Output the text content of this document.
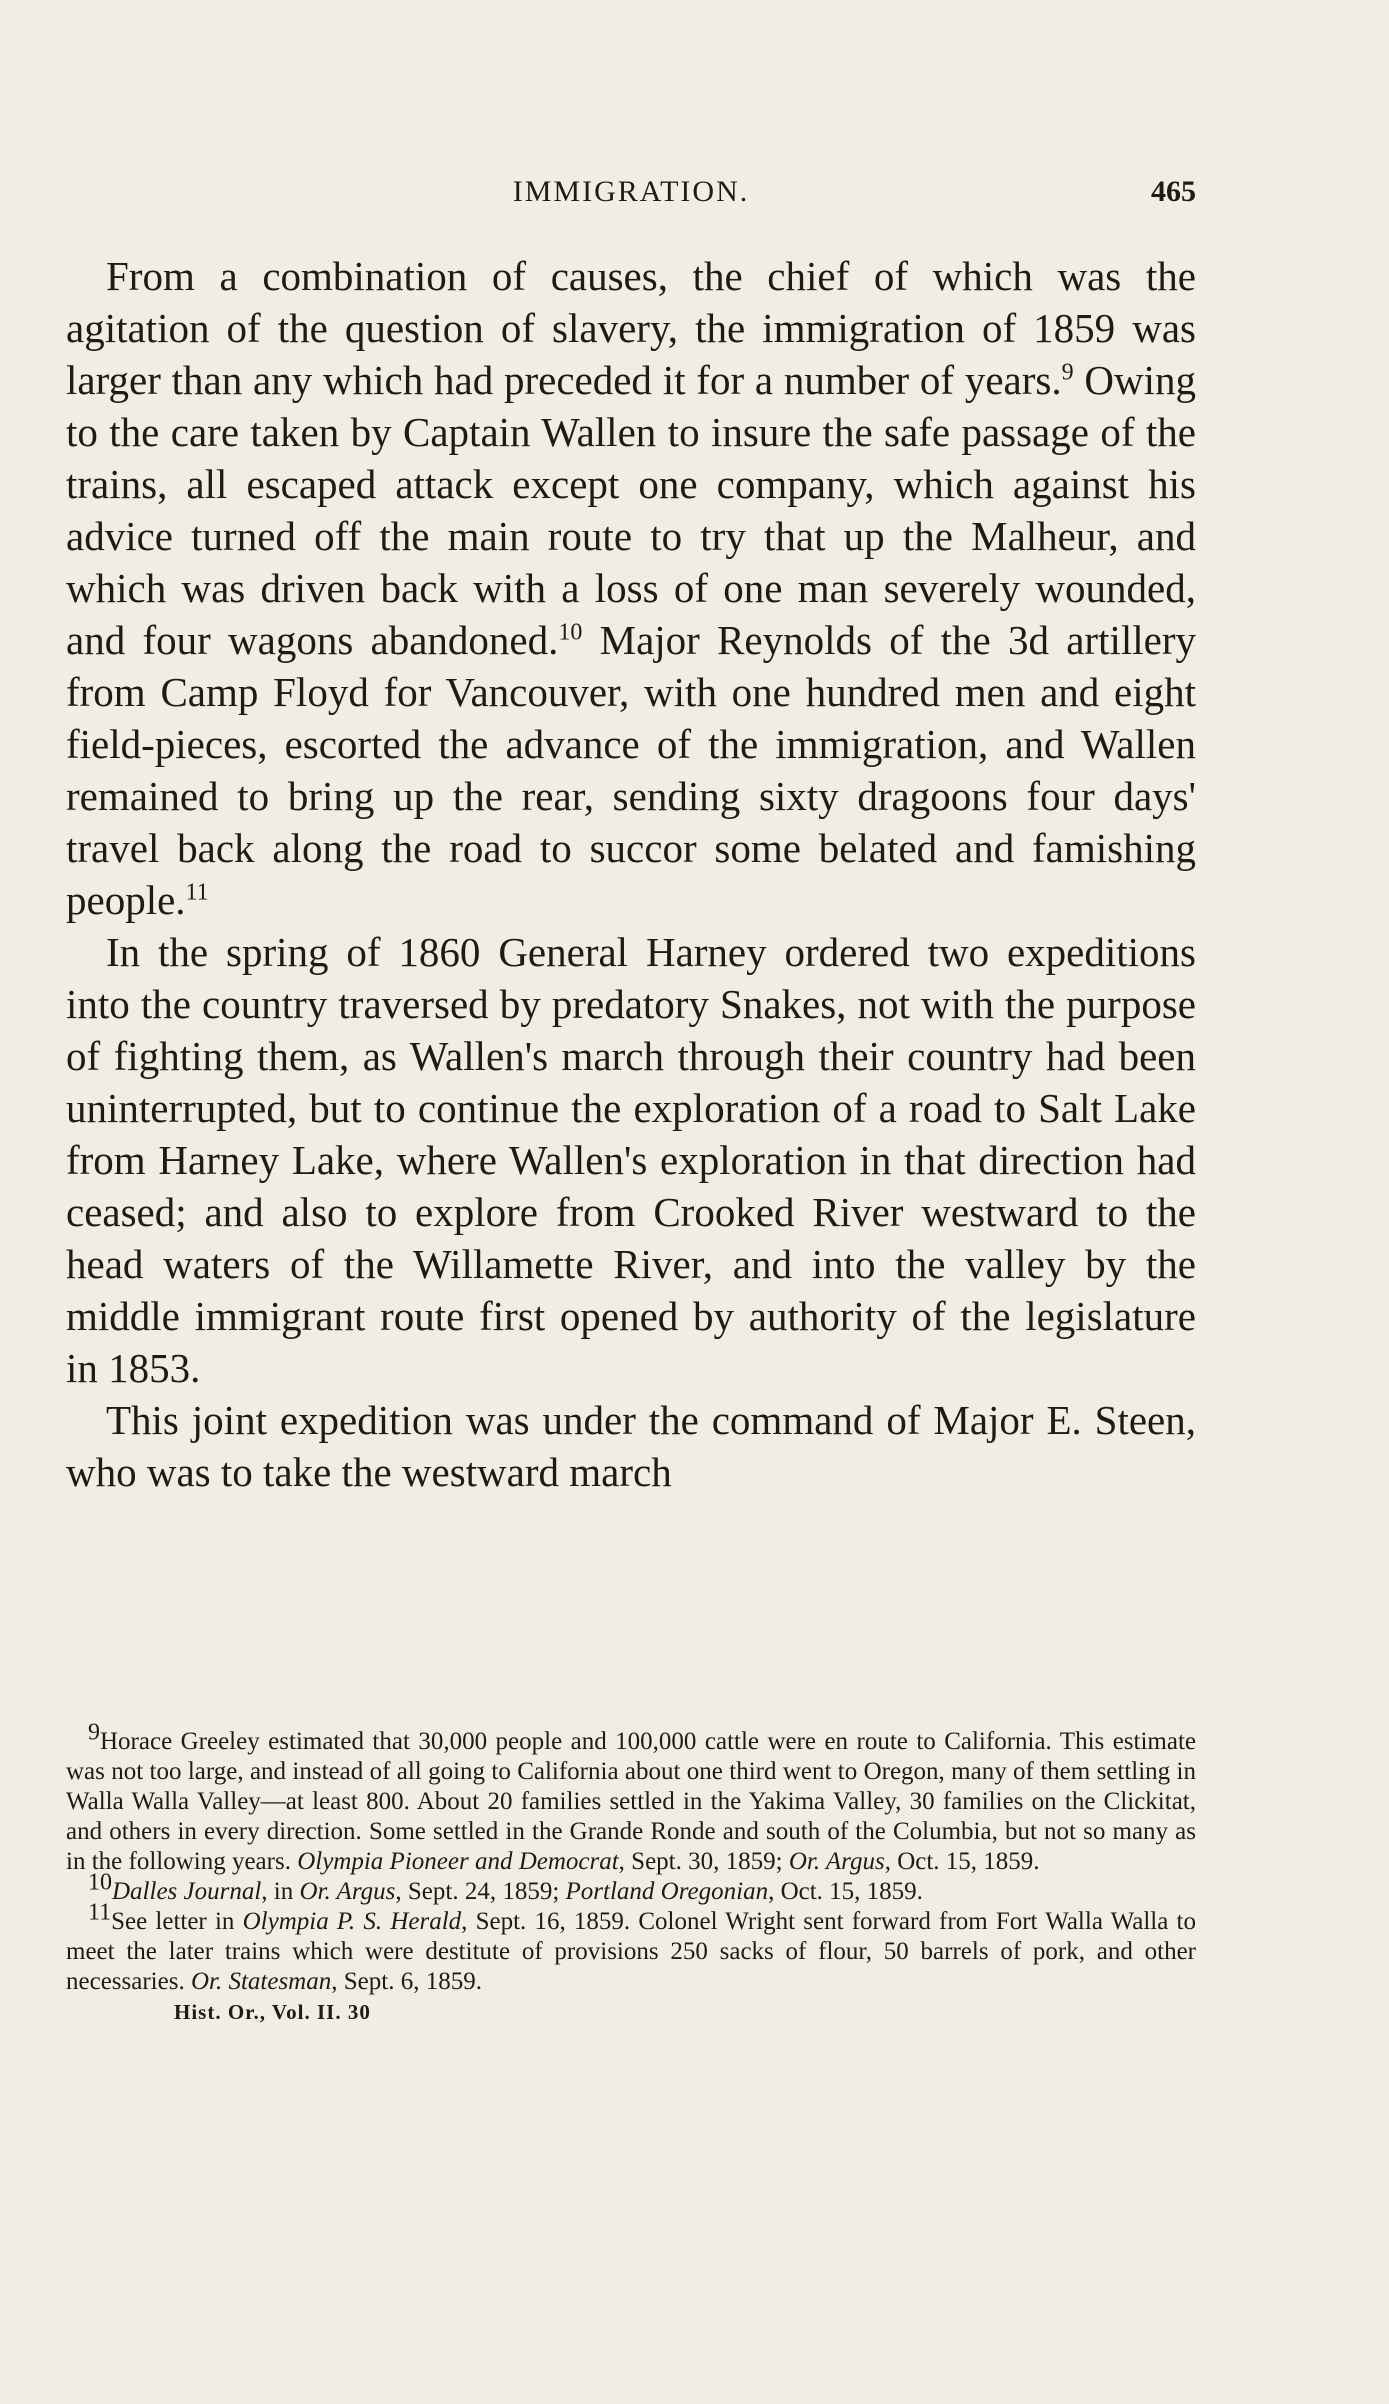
IMMIGRATION.	465

From a combination of causes, the chief of which was the agitation of the question of slavery, the immigration of 1859 was larger than any which had preceded it for a number of years.$^9$ Owing to the care taken by Captain Wallen to insure the safe passage of the trains, all escaped attack except one company, which against his advice turned off the main route to try that up the Malheur, and which was driven back with a loss of one man severely wounded, and four wagons abandoned.$^{10}$ Major Reynolds of the 3d artillery from Camp Floyd for Vancouver, with one hundred men and eight field-pieces, escorted the advance of the immigration, and Wallen remained to bring up the rear, sending sixty dragoons four days' travel back along the road to succor some belated and famishing people.$^{11}$

In the spring of 1860 General Harney ordered two expeditions into the country traversed by predatory Snakes, not with the purpose of fighting them, as Wallen's march through their country had been uninterrupted, but to continue the exploration of a road to Salt Lake from Harney Lake, where Wallen's exploration in that direction had ceased; and also to explore from Crooked River westward to the head waters of the Willamette River, and into the valley by the middle immigrant route first opened by authority of the legislature in 1853.

This joint expedition was under the command of Major E. Steen, who was to take the westward march

$^9$Horace Greeley estimated that 30,000 people and 100,000 cattle were en route to California. This estimate was not too large, and instead of all going to California about one third went to Oregon, many of them settling in Walla Walla Valley—at least 800. About 20 families settled in the Yakima Valley, 30 families on the Clickitat, and others in every direction. Some settled in the Grande Ronde and south of the Columbia, but not so many as in the following years. Olympia Pioneer and Democrat, Sept. 30, 1859; Or. Argus, Oct. 15, 1859.

$^{10}$Dalles Journal, in Or. Argus, Sept. 24, 1859; Portland Oregonian, Oct. 15, 1859.

$^{11}$See letter in Olympia P. S. Herald, Sept. 16, 1859. Colonel Wright sent forward from Fort Walla Walla to meet the later trains which were destitute of provisions 250 sacks of flour, 50 barrels of pork, and other necessaries. Or. Statesman, Sept. 6, 1859.

Hist. Or., Vol. II. 30
